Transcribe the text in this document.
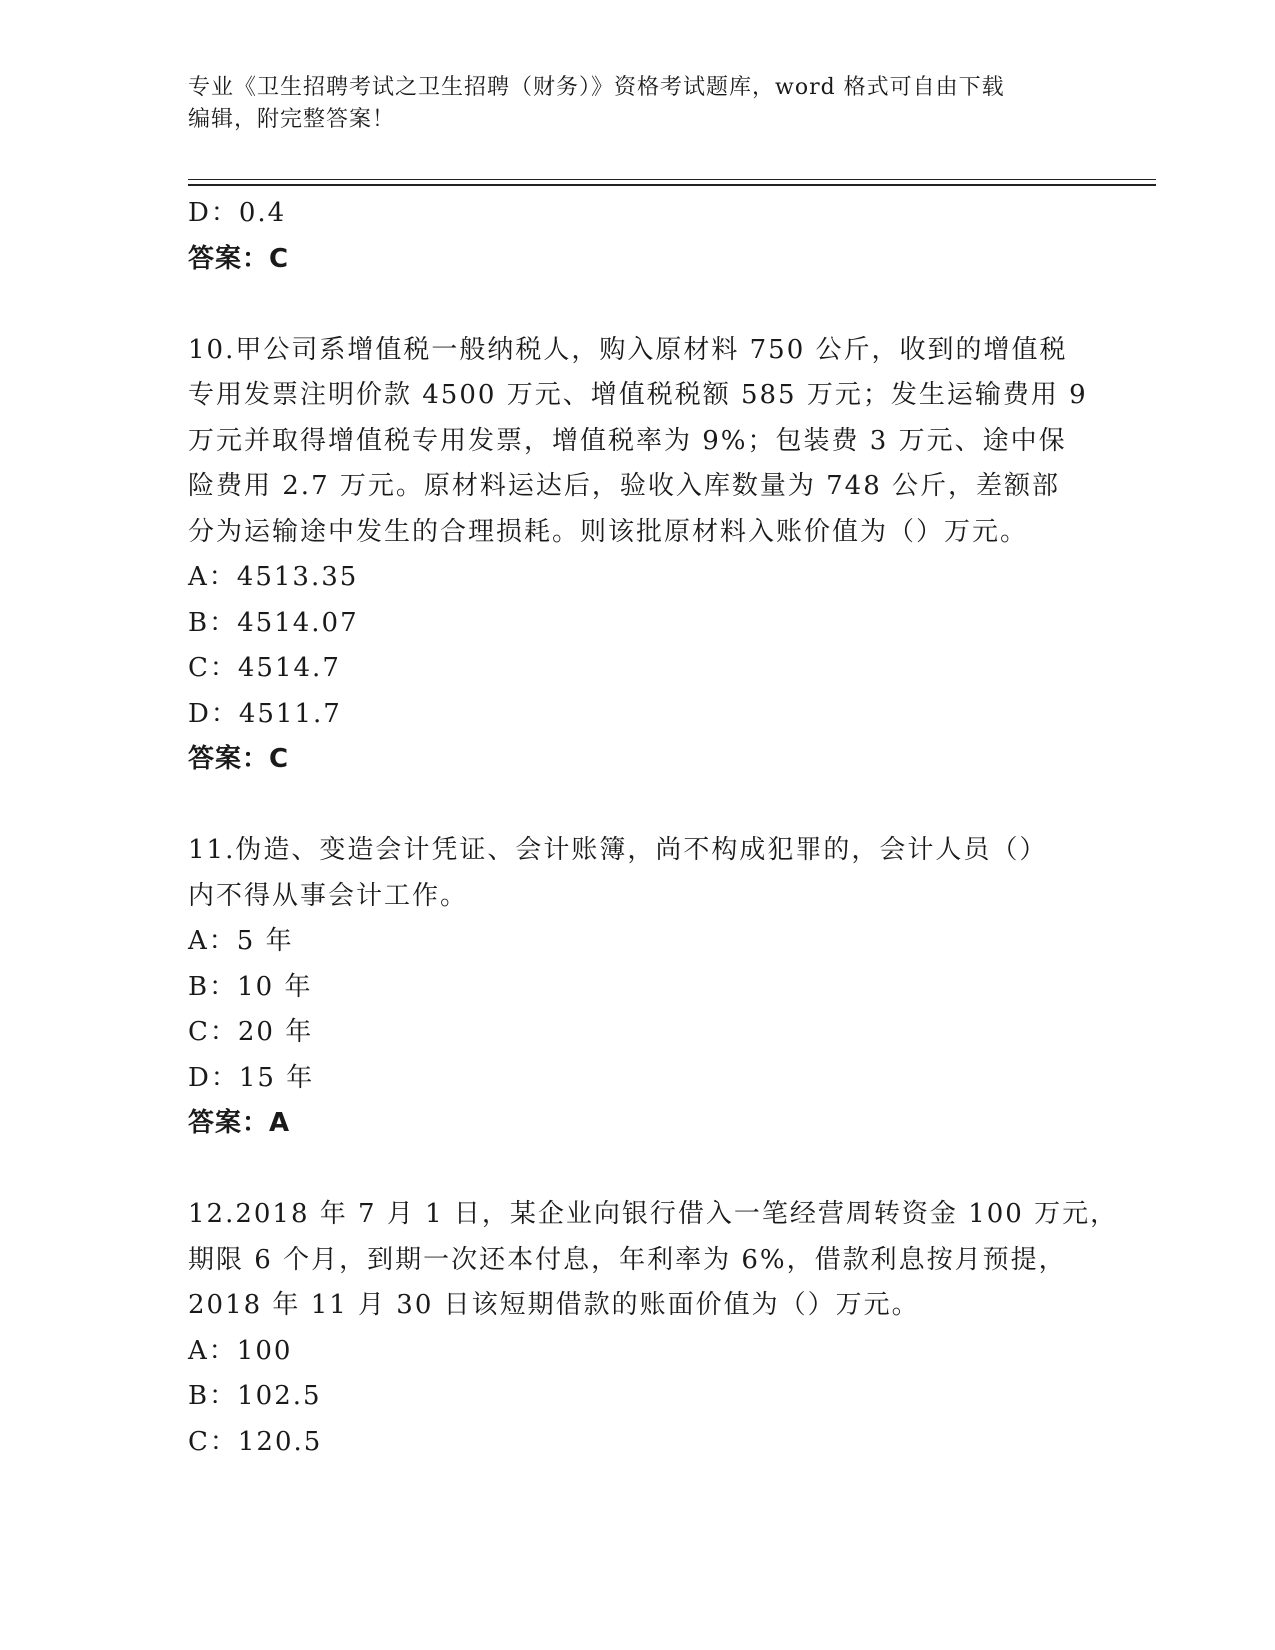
专业《卫生招聘考试之卫生招聘（财务）》资格考试题库，word 格式可自由下载
编辑，附完整答案！
D：0.4
答案：C
10.甲公司系增值税一般纳税人，购入原材料 750 公斤，收到的增值税
专用发票注明价款 4500 万元、增值税税额 585 万元；发生运输费用 9
万元并取得增值税专用发票，增值税率为 9%；包装费 3 万元、途中保
险费用 2.7 万元。原材料运达后，验收入库数量为 748 公斤，差额部
分为运输途中发生的合理损耗。则该批原材料入账价值为（）万元。
A：4513.35
B：4514.07
C：4514.7
D：4511.7
答案：C
11.伪造、变造会计凭证、会计账簿，尚不构成犯罪的，会计人员（）
内不得从事会计工作。
A：5 年
B：10 年
C：20 年
D：15 年
答案：A
12.2018 年 7 月 1 日，某企业向银行借入一笔经营周转资金 100 万元，
期限 6 个月，到期一次还本付息，年利率为 6%，借款利息按月预提，
2018 年 11 月 30 日该短期借款的账面价值为（）万元。
A：100
B：102.5
C：120.5
